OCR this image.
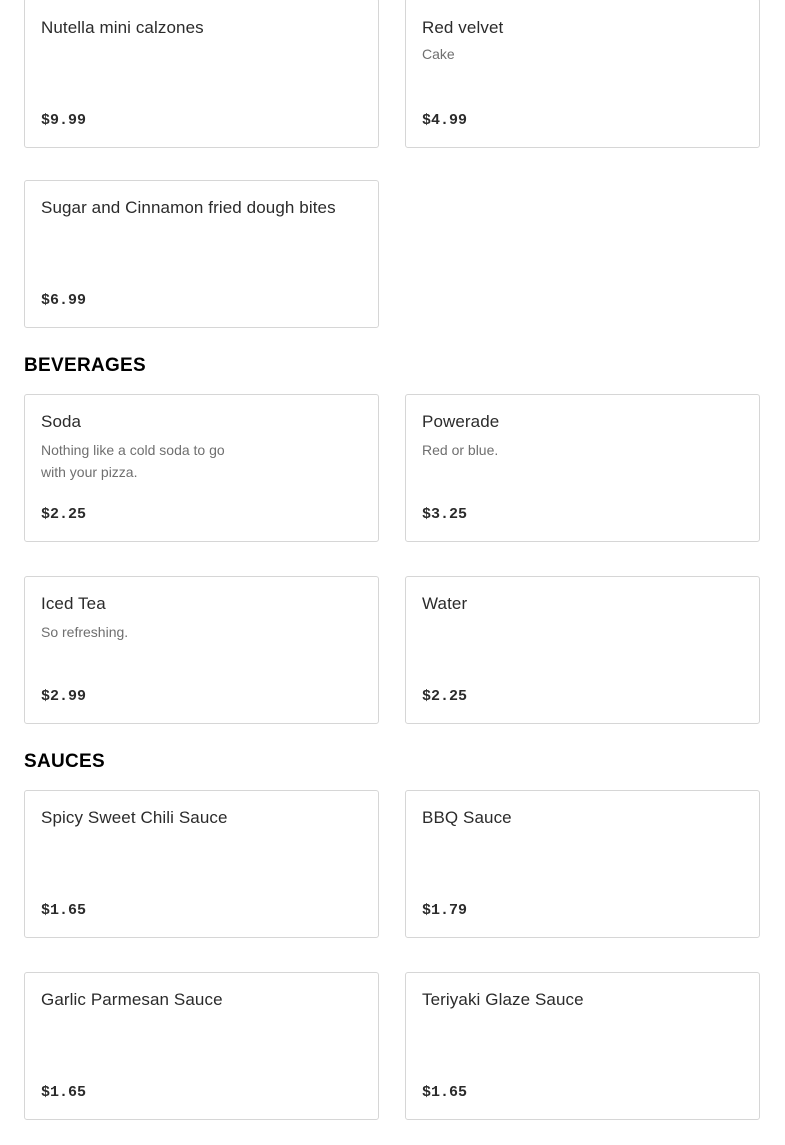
Nutella mini calzones
$9.99
Red velvet
Cake
$4.99
Sugar and Cinnamon fried dough bites
$6.99
BEVERAGES
Soda
Nothing like a cold soda to go with your pizza.
$2.25
Powerade
Red or blue.
$3.25
Iced Tea
So refreshing.
$2.99
Water
$2.25
SAUCES
Spicy Sweet Chili Sauce
$1.65
BBQ Sauce
$1.79
Garlic Parmesan Sauce
$1.65
Teriyaki Glaze Sauce
$1.65
